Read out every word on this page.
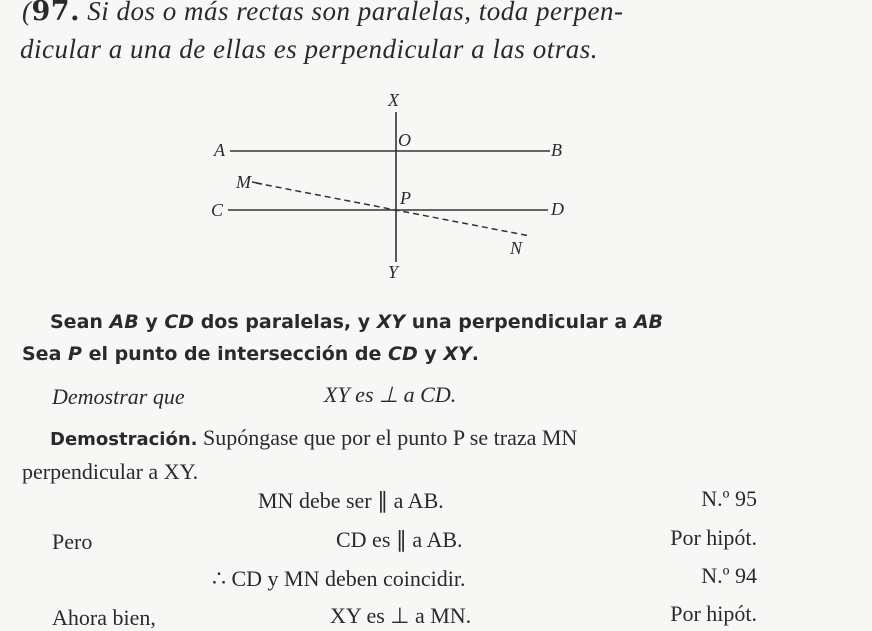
(97. Si dos o más rectas son paralelas, toda perpen-
dicular a una de ellas es perpendicular a las otras.
X
O
A	B
M
P
C	D
N
Y
Sean AB y CD dos paralelas, y XY una perpendicular a AB
Sea P el punto de intersección de CD y XY.
Demostrar que	XY es ⊥ a CD.
Demostración. Supóngase que por el punto P se traza MN
perpendicular a XY.
MN debe ser ∥ a AB.	N.º 95
Pero	CD es ∥ a AB.	Por hipót.
∴ CD y MN deben coincidir.	N.º 94
Ahora bien,	XY es ⊥ a MN.	Por hipót.
